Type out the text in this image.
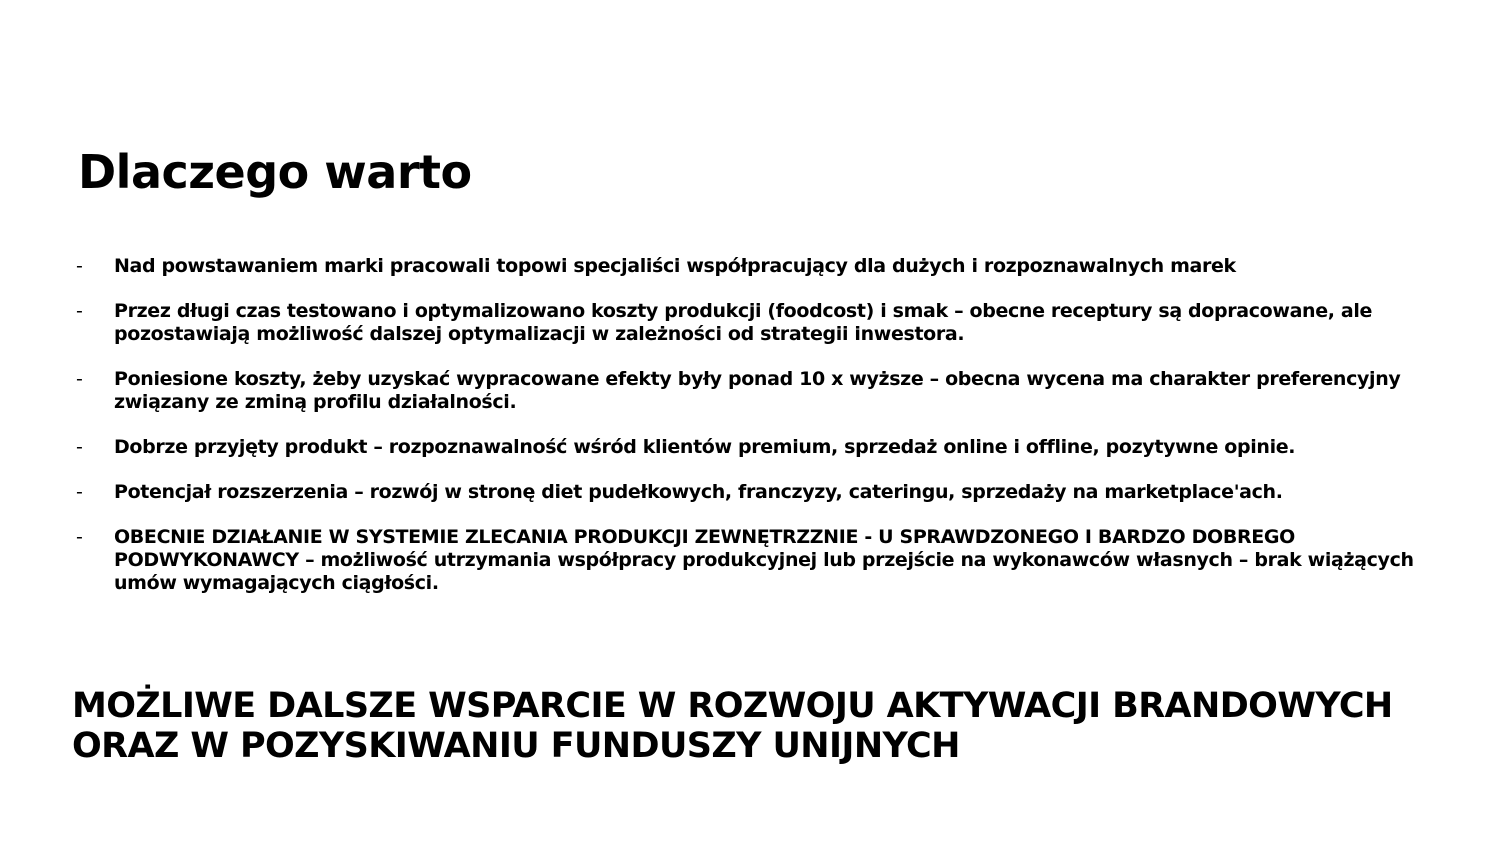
Dlaczego warto
-	Nad powstawaniem marki pracowali topowi specjaliści współpracujący dla dużych i rozpoznawalnych marek
-	Przez długi czas testowano i optymalizowano koszty produkcji (foodcost) i smak – obecne receptury są dopracowane, ale pozostawiają możliwość dalszej optymalizacji w zależności od strategii inwestora.
-	Poniesione koszty, żeby uzyskać wypracowane efekty były ponad 10 x wyższe – obecna wycena ma charakter preferencyjny związany ze zminą profilu działalności.
-	Dobrze przyjęty produkt – rozpoznawalność wśród klientów premium, sprzedaż online i offline, pozytywne opinie.
-	Potencjał rozszerzenia – rozwój w stronę diet pudełkowych, franczyzy, cateringu, sprzedaży na marketplace'ach.
-	OBECNIE DZIAŁANIE W SYSTEMIE ZLECANIA PRODUKCJI ZEWNĘTRZZNIE - U SPRAWDZONEGO I BARDZO DOBREGO PODWYKONAWCY – możliwość utrzymania współpracy produkcyjnej lub przejście na wykonawców własnych – brak wiążących umów wymagających ciągłości.
MOŻLIWE DALSZE WSPARCIE W ROZWOJU AKTYWACJI BRANDOWYCH
ORAZ W POZYSKIWANIU FUNDUSZY UNIJNYCH
